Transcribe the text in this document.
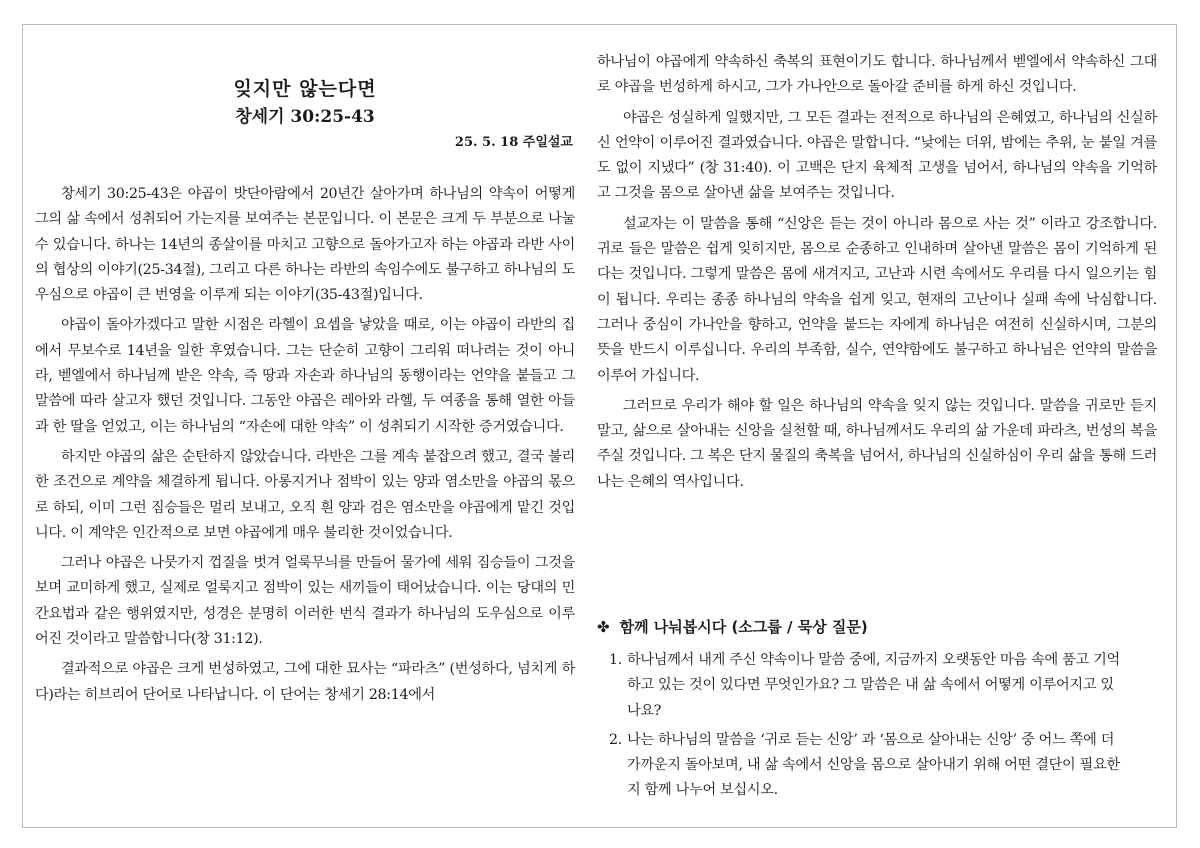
잊지만 않는다면
창세기 30:25-43
25. 5. 18 주일설교

창세기 30:25-43은 야곱이 밧단아람에서 20년간 살아가며 하나님의 약속이 어떻게 그의 삶 속에서 성취되어 가는지를 보여주는 본문입니다. 이 본문은 크게 두 부분으로 나눌 수 있습니다. 하나는 14년의 종살이를 마치고 고향으로 돌아가고자 하는 야곱과 라반 사이의 협상의 이야기(25-34절), 그리고 다른 하나는 라반의 속임수에도 불구하고 하나님의 도우심으로 야곱이 큰 번영을 이루게 되는 이야기(35-43절)입니다.

야곱이 돌아가겠다고 말한 시점은 라헬이 요셉을 낳았을 때로, 이는 야곱이 라반의 집에서 무보수로 14년을 일한 후였습니다. 그는 단순히 고향이 그리워 떠나려는 것이 아니라, 벧엘에서 하나님께 받은 약속, 즉 땅과 자손과 하나님의 동행이라는 언약을 붙들고 그 말씀에 따라 살고자 했던 것입니다. 그동안 야곱은 레아와 라헬, 두 여종을 통해 열한 아들과 한 딸을 얻었고, 이는 하나님의 “자손에 대한 약속” 이 성취되기 시작한 증거였습니다.

하지만 야곱의 삶은 순탄하지 않았습니다. 라반은 그를 계속 붙잡으려 했고, 결국 불리한 조건으로 계약을 체결하게 됩니다. 아롱지거나 점박이 있는 양과 염소만을 야곱의 몫으로 하되, 이미 그런 짐승들은 멀리 보내고, 오직 흰 양과 검은 염소만을 야곱에게 맡긴 것입니다. 이 계약은 인간적으로 보면 야곱에게 매우 불리한 것이었습니다.

그러나 야곱은 나뭇가지 껍질을 벗겨 얼룩무늬를 만들어 물가에 세워 짐승들이 그것을 보며 교미하게 했고, 실제로 얼룩지고 점박이 있는 새끼들이 태어났습니다. 이는 당대의 민간요법과 같은 행위였지만, 성경은 분명히 이러한 번식 결과가 하나님의 도우심으로 이루어진 것이라고 말씀합니다(창 31:12).

결과적으로 야곱은 크게 번성하였고, 그에 대한 묘사는 “파라츠” (번성하다, 넘치게 하다)라는 히브리어 단어로 나타납니다. 이 단어는 창세기 28:14에서

하나님이 야곱에게 약속하신 축복의 표현이기도 합니다. 하나님께서 벧엘에서 약속하신 그대로 야곱을 번성하게 하시고, 그가 가나안으로 돌아갈 준비를 하게 하신 것입니다.

야곱은 성실하게 일했지만, 그 모든 결과는 전적으로 하나님의 은혜였고, 하나님의 신실하신 언약이 이루어진 결과였습니다. 야곱은 말합니다. “낮에는 더위, 밤에는 추위, 눈 붙일 겨를도 없이 지냈다” (창 31:40). 이 고백은 단지 육체적 고생을 넘어서, 하나님의 약속을 기억하고 그것을 몸으로 살아낸 삶을 보여주는 것입니다.

설교자는 이 말씀을 통해 “신앙은 듣는 것이 아니라 몸으로 사는 것” 이라고 강조합니다. 귀로 들은 말씀은 쉽게 잊히지만, 몸으로 순종하고 인내하며 살아낸 말씀은 몸이 기억하게 된다는 것입니다. 그렇게 말씀은 몸에 새겨지고, 고난과 시련 속에서도 우리를 다시 일으키는 힘이 됩니다. 우리는 종종 하나님의 약속을 쉽게 잊고, 현재의 고난이나 실패 속에 낙심합니다. 그러나 중심이 가나안을 향하고, 언약을 붙드는 자에게 하나님은 여전히 신실하시며, 그분의 뜻을 반드시 이루십니다. 우리의 부족함, 실수, 연약함에도 불구하고 하나님은 언약의 말씀을 이루어 가십니다.

그러므로 우리가 해야 할 일은 하나님의 약속을 잊지 않는 것입니다. 말씀을 귀로만 듣지 말고, 삶으로 살아내는 신앙을 실천할 때, 하나님께서도 우리의 삶 가운데 파라츠, 번성의 복을 주실 것입니다. 그 복은 단지 물질의 축복을 넘어서, 하나님의 신실하심이 우리 삶을 통해 드러나는 은혜의 역사입니다.

✤ 함께 나눠봅시다 (소그룹 / 묵상 질문)
1. 하나님께서 내게 주신 약속이나 말씀 중에, 지금까지 오랫동안 마음 속에 품고 기억하고 있는 것이 있다면 무엇인가요? 그 말씀은 내 삶 속에서 어떻게 이루어지고 있나요?
2. 나는 하나님의 말씀을 ‘귀로 듣는 신앙’ 과 ‘몸으로 살아내는 신앙’ 중 어느 쪽에 더 가까운지 돌아보며, 내 삶 속에서 신앙을 몸으로 살아내기 위해 어떤 결단이 필요한지 함께 나누어 보십시오.
